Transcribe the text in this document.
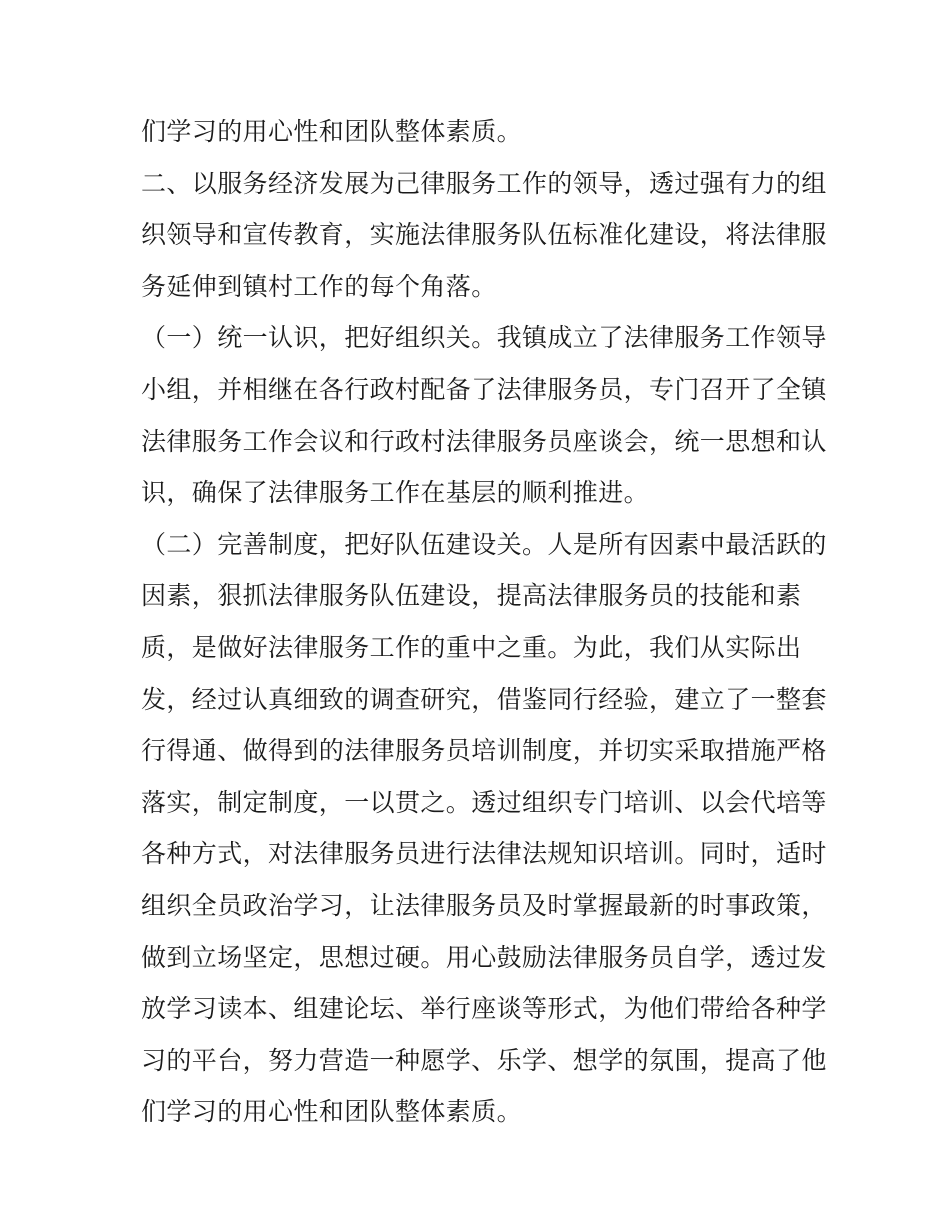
们学习的用心性和团队整体素质。
二、以服务经济发展为己律服务工作的领导，透过强有力的组
织领导和宣传教育，实施法律服务队伍标准化建设，将法律服
务延伸到镇村工作的每个角落。
（一）统一认识，把好组织关。我镇成立了法律服务工作领导
小组，并相继在各行政村配备了法律服务员，专门召开了全镇
法律服务工作会议和行政村法律服务员座谈会，统一思想和认
识，确保了法律服务工作在基层的顺利推进。
（二）完善制度，把好队伍建设关。人是所有因素中最活跃的
因素，狠抓法律服务队伍建设，提高法律服务员的技能和素
质，是做好法律服务工作的重中之重。为此，我们从实际出
发，经过认真细致的调查研究，借鉴同行经验，建立了一整套
行得通、做得到的法律服务员培训制度，并切实采取措施严格
落实，制定制度，一以贯之。透过组织专门培训、以会代培等
各种方式，对法律服务员进行法律法规知识培训。同时，适时
组织全员政治学习，让法律服务员及时掌握最新的时事政策，
做到立场坚定，思想过硬。用心鼓励法律服务员自学，透过发
放学习读本、组建论坛、举行座谈等形式，为他们带给各种学
习的平台，努力营造一种愿学、乐学、想学的氛围，提高了他
们学习的用心性和团队整体素质。
